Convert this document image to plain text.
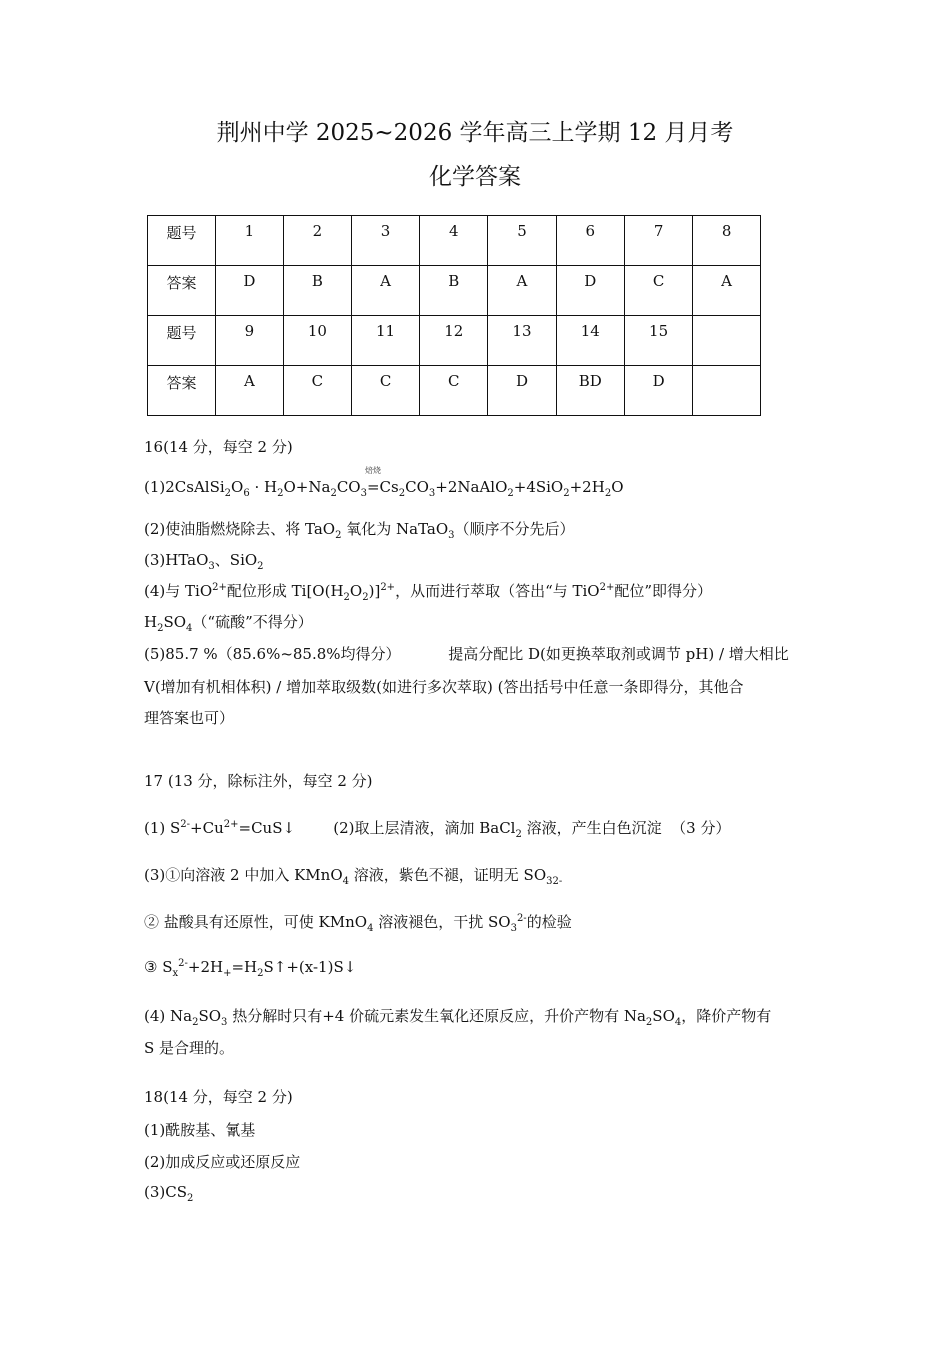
荆州中学 2025~2026 学年高三上学期 12 月月考
化学答案
题号	1	2	3	4	5	6	7	8
答案	D	B	A	B	A	D	C	A
题号	9	10	11	12	13	14	15	
答案	A	C	C	C	D	BD	D	
16(14 分，每空 2 分)
$(1)2CsAlSi_2O_6 \cdot H_2O+Na_2CO_3$
焙烧
$=Cs_2CO_3+2NaAlO_2+4SiO_2+2H_2O$
(2)使油脂燃烧除去、将 TaO$_2$ 氧化为 NaTaO$_3$（顺序不分先后）
(3)HTaO$_3$、SiO$_2$
(4)与 TiO$^{2+}$配位形成 $Ti[O(H_2O_2)]^{2+}$，从而进行萃取（答出“与 TiO$^{2+}$配位”即得分）
$H_2SO_4(“$硫酸”不得分）
(5)85.7 %（85.6%~85.8%均得分）          提高分配比 D(如更换萃取剂或调节 pH) / 增大相比
V(增加有机相体积) / 增加萃取级数(如进行多次萃取) (答出括号中任意一条即得分，其他合
理答案也可）
17 (13 分，除标注外，每空 2 分)
(1) $S^{2-}+Cu^{2+}=CuS↓$        (2)取上层清液，滴加 BaCl$_2$ 溶液，产生白色沉淀  （3 分）
(3)①向溶液 2 中加入 KMnO$_4$ 溶液，紫色不褪，证明无 $SO_{32-}$
② 盐酸具有还原性，可使 KMnO$_4$ 溶液褪色，干扰 $SO_3^{2-}$的检验
③ $S_x^{2-}+2H_+=H_2S↑+(x-1)S↓$
(4) $Na_2SO_3$ 热分解时只有+4 价硫元素发生氧化还原反应，升价产物有 $Na_2SO_4$，降价产物有
S 是合理的。
18(14 分，每空 2 分)
(1)酰胺基、氰基
(2)加成反应或还原反应
$(3)CS_2$
